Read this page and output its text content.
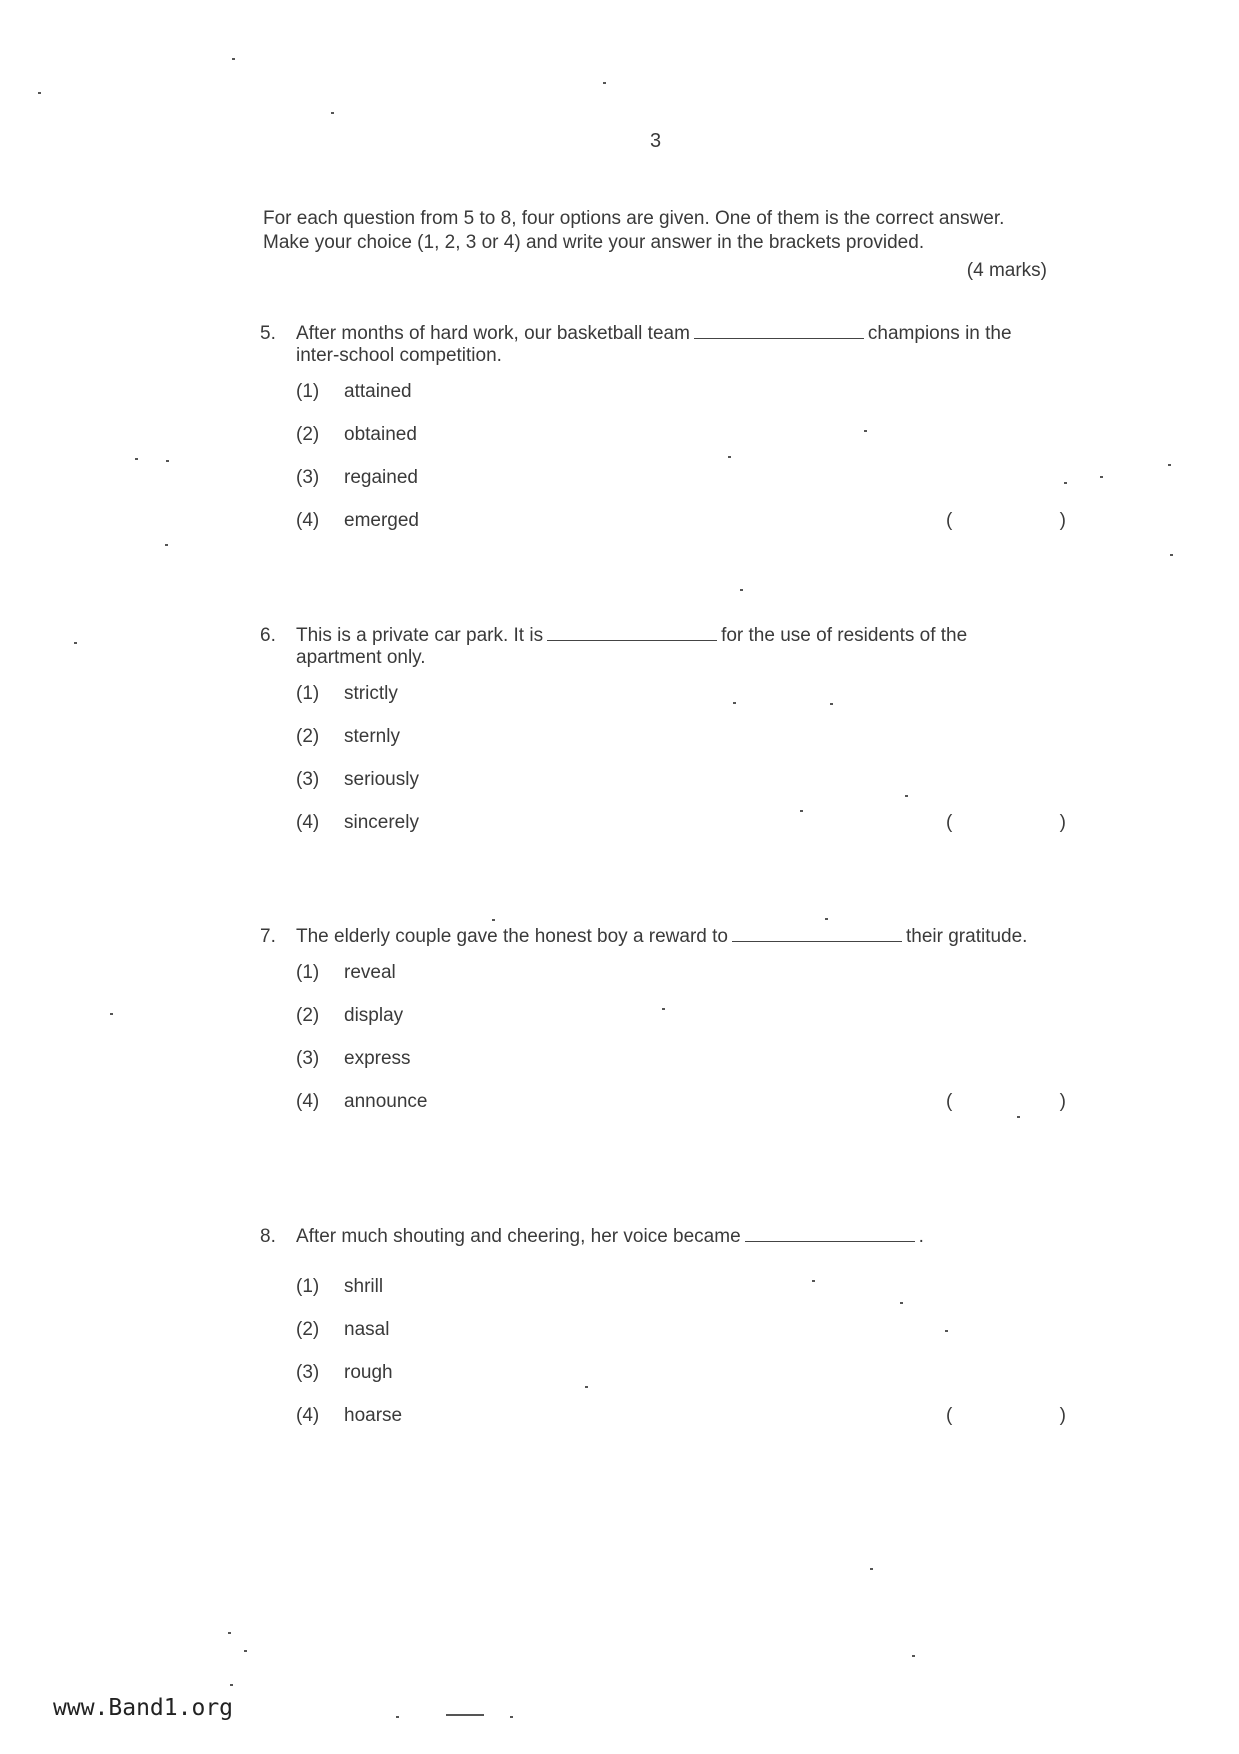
3
For each question from 5 to 8, four options are given. One of them is the correct answer. Make your choice (1, 2, 3 or 4) and write your answer in the brackets provided.
(4 marks)
5. After months of hard work, our basketball team	champions in the inter-school competition.
(1) attained
(2) obtained
(3) regained
(4) emerged	(	)
6. This is a private car park. It is	for the use of residents of the apartment only.
(1) strictly
(2) sternly
(3) seriously
(4) sincerely	(	)
7. The elderly couple gave the honest boy a reward to	their gratitude.
(1) reveal
(2) display
(3) express
(4) announce	(	)
8. After much shouting and cheering, her voice became	.
(1) shrill
(2) nasal
(3) rough
(4) hoarse	(	)
www.Band1.org
